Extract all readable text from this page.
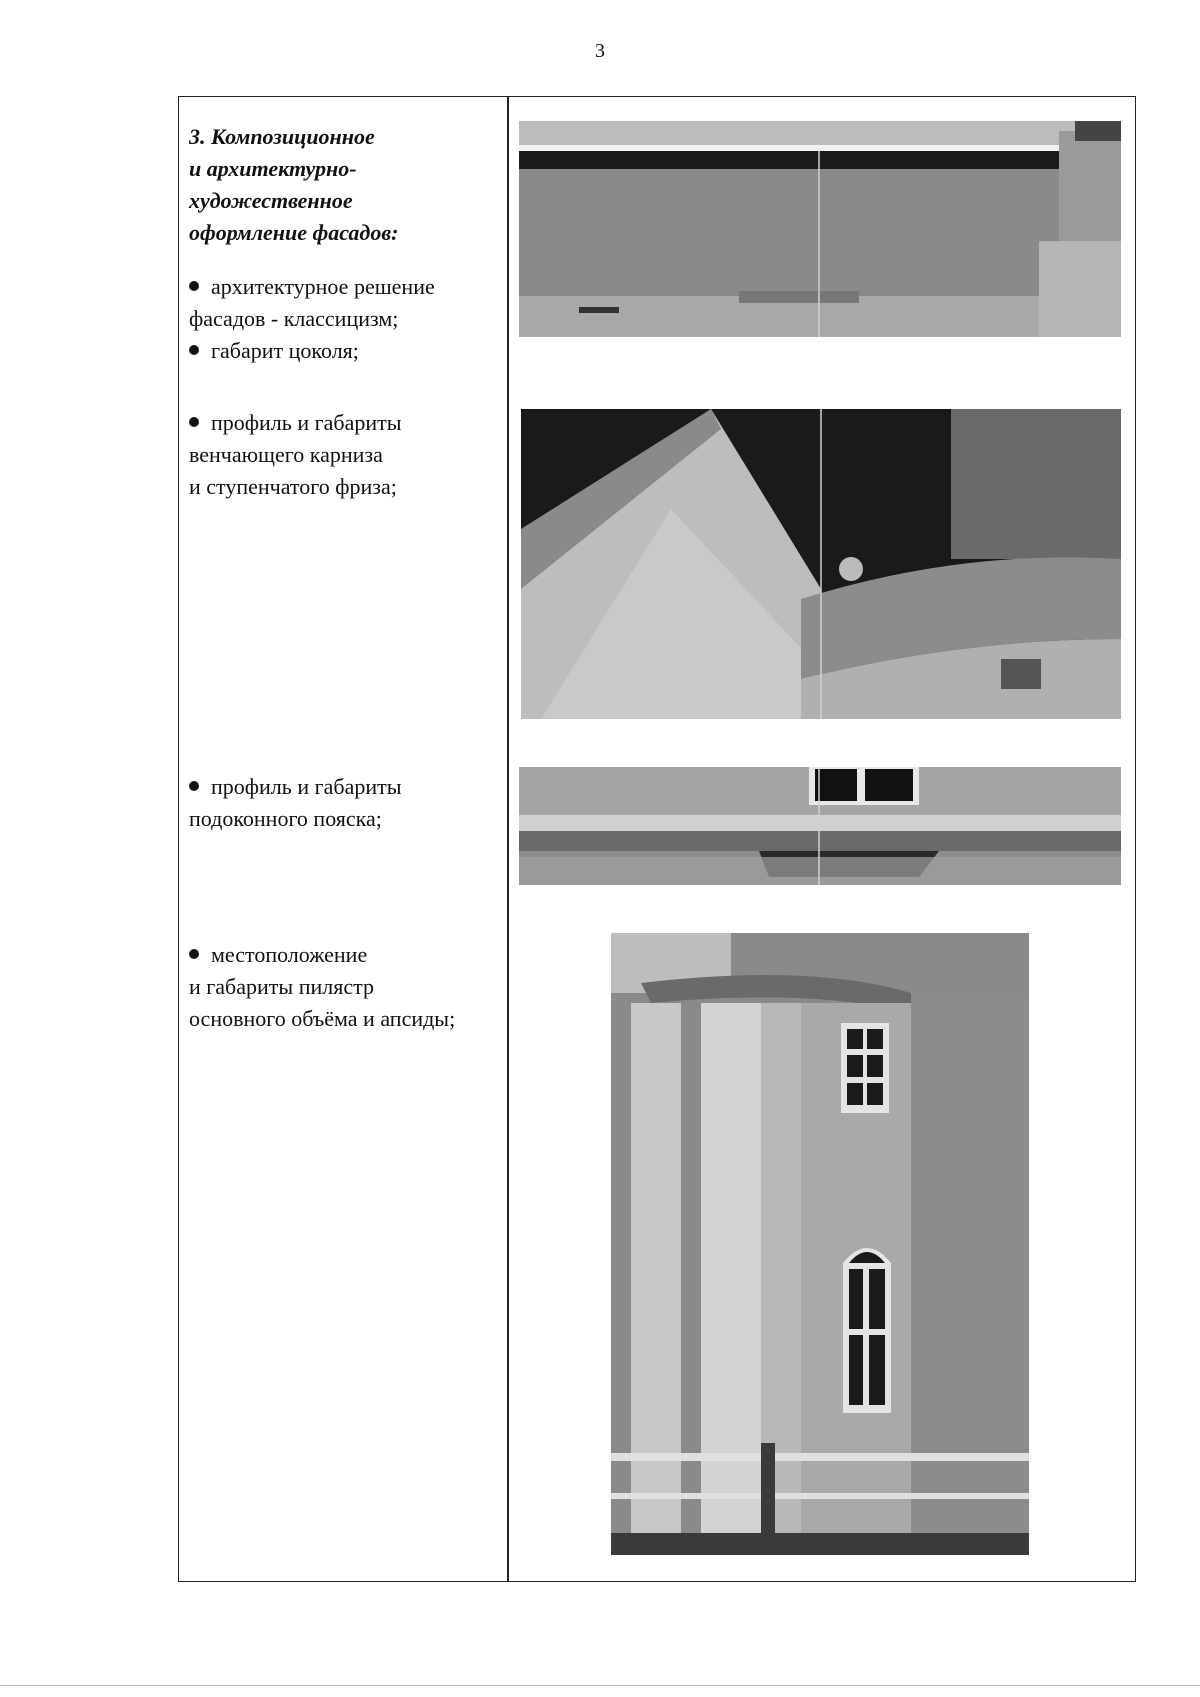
3

3. Композиционное
и архитектурно-
художественное
оформление фасадов:

архитектурное решение
фасадов - классицизм;
габарит цоколя;
профиль и габариты
венчающего карниза
и ступенчатого фриза;
профиль и габариты
подоконного пояска;
местоположение
и габариты пилястр
основного объёма и апсиды;
